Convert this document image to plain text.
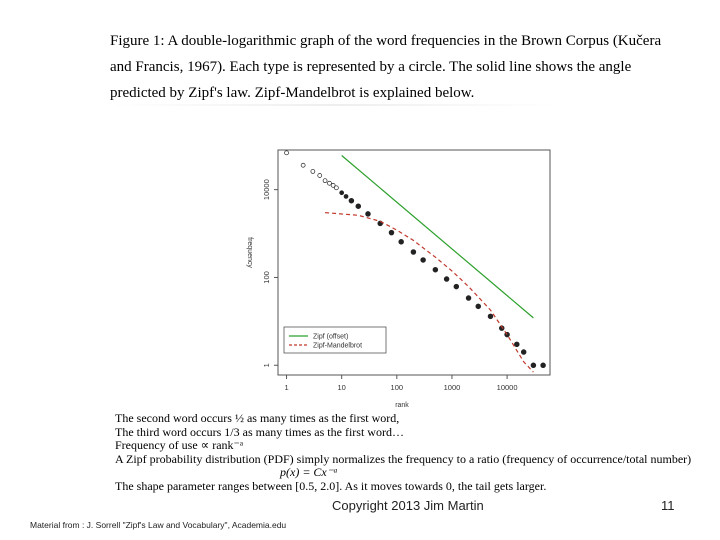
Figure 1: A double-logarithmic graph of the word frequencies in the Brown Corpus (Kučera and Francis, 1967). Each type is represented by a circle. The solid line shows the angle predicted by Zipf's law. Zipf-Mandelbrot is explained below.

1	10	100	1000	10000
1
100
10000
rank
frequency
Zipf (offset)
Zipf-Mandelbrot
The second word occurs ½ as many times as the first word,
The third word occurs 1/3 as many times as the first word…
Frequency of use ∝ rank⁻ᵃ
A Zipf probability distribution (PDF) simply normalizes the frequency to a ratio (frequency of occurrence/total number)
p(x) = Cx⁻ᵃ
The shape parameter ranges between [0.5, 2.0]. As it moves towards 0, the tail gets larger.
Copyright 2013 Jim Martin	11
Material from : J. Sorrell "Zipf's Law and Vocabulary", Academia.edu
